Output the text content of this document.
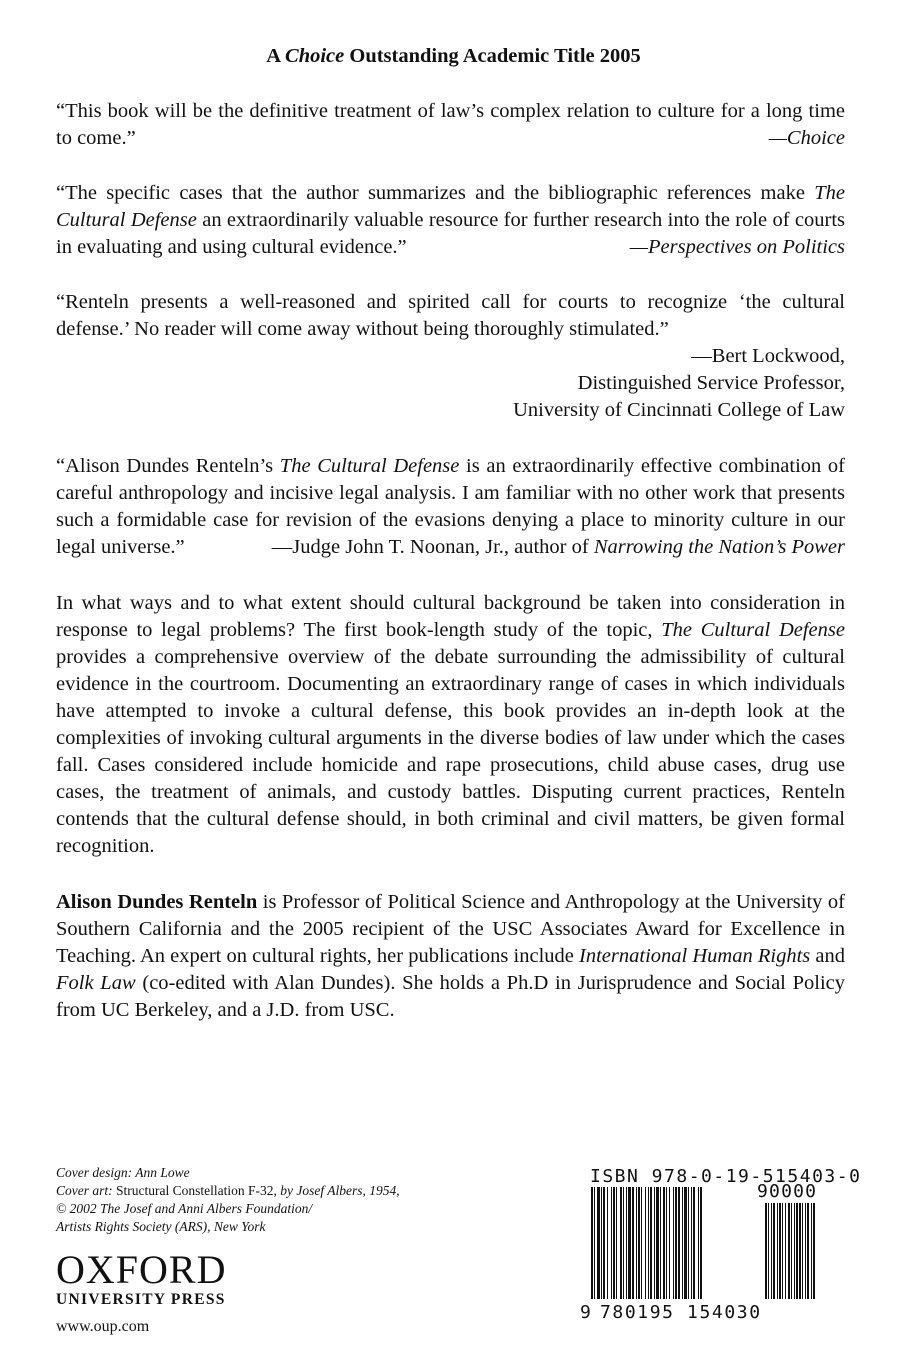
A Choice Outstanding Academic Title 2005
“This book will be the definitive treatment of law’s complex relation to culture for a long time to come.”	—Choice
“The specific cases that the author summarizes and the bibliographic references make The Cultural Defense an extraordinarily valuable resource for further research into the role of courts in evaluating and using cultural evidence.”	—Perspectives on Politics
“Renteln presents a well-reasoned and spirited call for courts to recognize ‘the cultural defense.’ No reader will come away without being thoroughly stimulated.”
—Bert Lockwood,
Distinguished Service Professor,
University of Cincinnati College of Law
“Alison Dundes Renteln’s The Cultural Defense is an extraordinarily effective combination of careful anthropology and incisive legal analysis. I am familiar with no other work that presents such a formidable case for revision of the evasions denying a place to minority culture in our legal universe.”	—Judge John T. Noonan, Jr., author of Narrowing the Nation’s Power
In what ways and to what extent should cultural background be taken into consideration in response to legal problems? The first book-length study of the topic, The Cultural Defense provides a comprehensive overview of the debate surrounding the admissibility of cultural evidence in the courtroom. Documenting an extraordinary range of cases in which individuals have attempted to invoke a cultural defense, this book provides an in-depth look at the complexities of invoking cultural arguments in the diverse bodies of law under which the cases fall. Cases considered include homicide and rape prosecutions, child abuse cases, drug use cases, the treatment of animals, and custody battles. Disputing current practices, Renteln contends that the cultural defense should, in both criminal and civil matters, be given formal recognition.
Alison Dundes Renteln is Professor of Political Science and Anthropology at the University of Southern California and the 2005 recipient of the USC Associates Award for Excellence in Teaching. An expert on cultural rights, her publications include International Human Rights and Folk Law (co-edited with Alan Dundes). She holds a Ph.D in Jurisprudence and Social Policy from UC Berkeley, and a J.D. from USC.
Cover design: Ann Lowe
Cover art: Structural Constellation F-32, by Josef Albers, 1954,
© 2002 The Josef and Anni Albers Foundation/
Artists Rights Society (ARS), New York
OXFORD
UNIVERSITY PRESS
www.oup.com
ISBN 978-0-19-515403-0
90000
9 780195 154030
